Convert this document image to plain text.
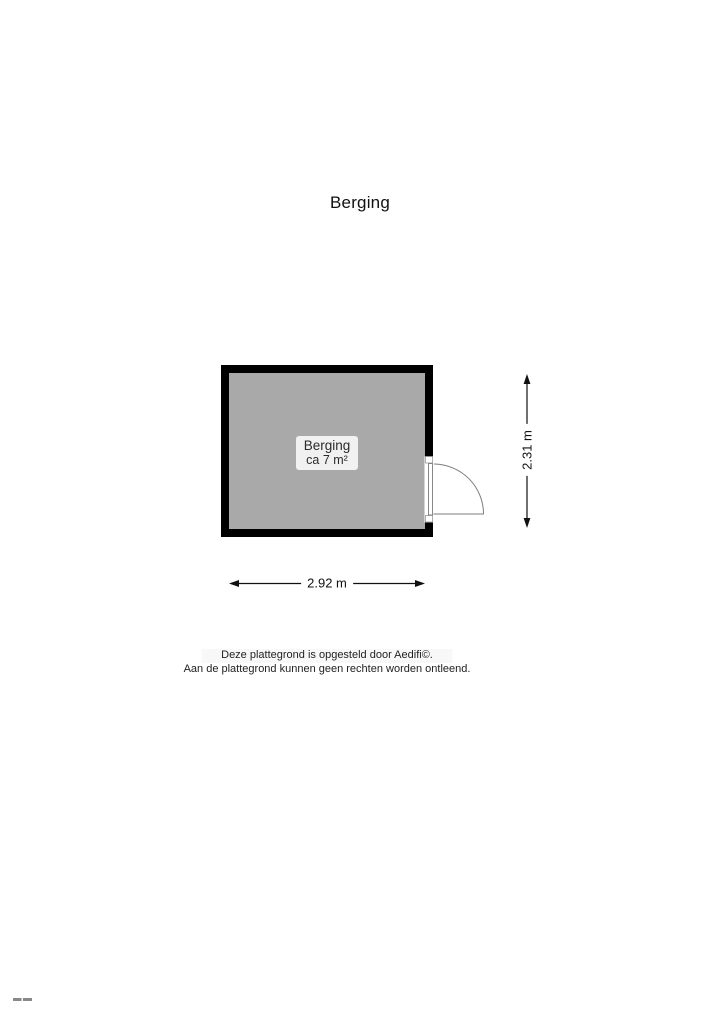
Berging
Berging
ca 7 m²
2.92 m
2.31 m
Deze plattegrond is opgesteld door Aedifi©.
Aan de plattegrond kunnen geen rechten worden ontleend.
